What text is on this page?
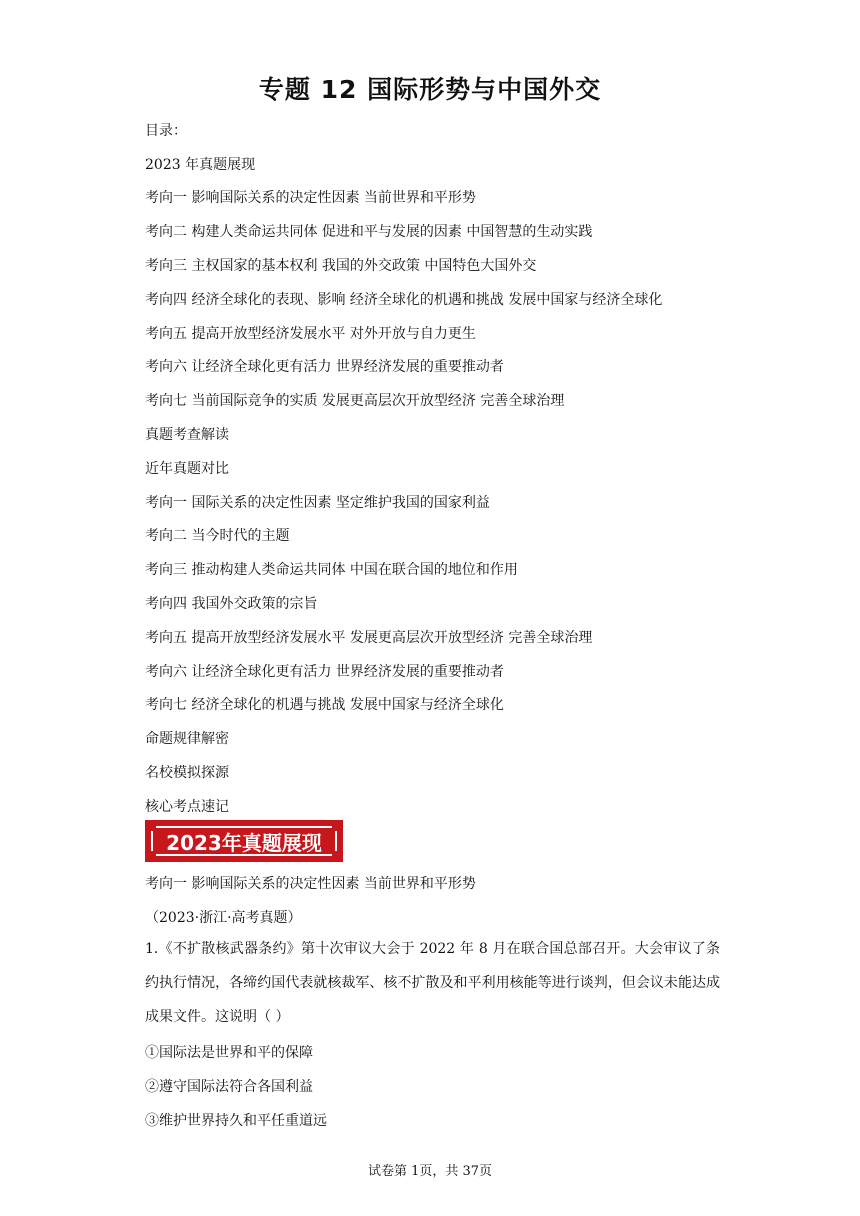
专题 12 国际形势与中国外交
目录：
2023 年真题展现
考向一 影响国际关系的决定性因素 当前世界和平形势
考向二 构建人类命运共同体 促进和平与发展的因素 中国智慧的生动实践
考向三 主权国家的基本权利 我国的外交政策 中国特色大国外交
考向四 经济全球化的表现、影响 经济全球化的机遇和挑战 发展中国家与经济全球化
考向五 提高开放型经济发展水平 对外开放与自力更生
考向六 让经济全球化更有活力 世界经济发展的重要推动者
考向七 当前国际竞争的实质 发展更高层次开放型经济 完善全球治理
真题考查解读
近年真题对比
考向一 国际关系的决定性因素 坚定维护我国的国家利益
考向二 当今时代的主题
考向三 推动构建人类命运共同体 中国在联合国的地位和作用
考向四 我国外交政策的宗旨
考向五 提高开放型经济发展水平 发展更高层次开放型经济 完善全球治理
考向六 让经济全球化更有活力 世界经济发展的重要推动者
考向七 经济全球化的机遇与挑战 发展中国家与经济全球化
命题规律解密
名校模拟探源
核心考点速记
2023年真题展现
考向一 影响国际关系的决定性因素 当前世界和平形势
（2023·浙江·高考真题）
1.《不扩散核武器条约》第十次审议大会于 2022 年 8 月在联合国总部召开。大会审议了条约执行情况，各缔约国代表就核裁军、核不扩散及和平利用核能等进行谈判，但会议未能达成成果文件。这说明（ ）
①国际法是世界和平的保障
②遵守国际法符合各国利益
③维护世界持久和平任重道远
试卷第 1页，共 37页
